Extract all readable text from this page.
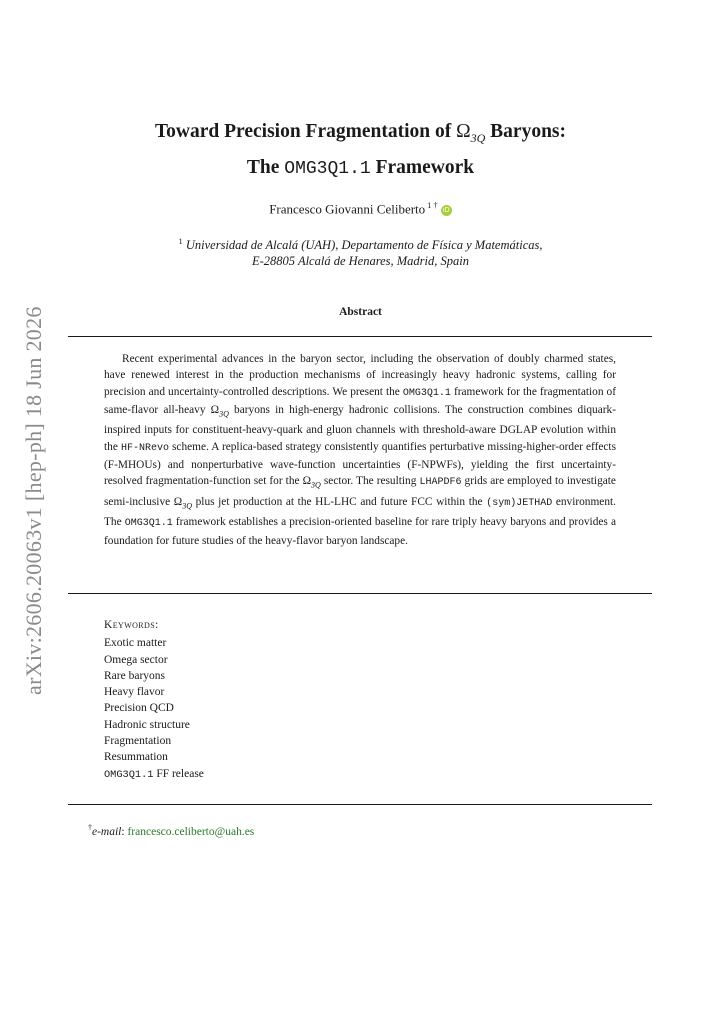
arXiv:2606.20063v1 [hep-ph] 18 Jun 2026
Toward Precision Fragmentation of $\Omega_{3Q}$ Baryons:
The OMG3Q1.1 Framework
Francesco Giovanni Celiberto $^{1 \dagger}$iD
$^1$ Universidad de Alcalá (UAH), Departamento de Física y Matemáticas,
E-28805 Alcalá de Henares, Madrid, Spain
Abstract

Recent experimental advances in the baryon sector, including the observation of doubly charmed states, have renewed interest in the production mechanisms of increasingly heavy hadronic systems, calling for precision and uncertainty-controlled descriptions. We present the OMG3Q1.1 framework for the fragmentation of same-flavor all-heavy $\Omega_{3Q}$ baryons in high-energy hadronic collisions. The construction combines diquark-inspired inputs for constituent-heavy-quark and gluon channels with threshold-aware DGLAP evolution within the HF-NRevo scheme. A replica-based strategy consistently quantifies perturbative missing-higher-order effects (F-MHOUs) and nonperturbative wave-function uncertainties (F-NPWFs), yielding the first uncertainty-resolved fragmentation-function set for the $\Omega_{3Q}$ sector. The resulting LHAPDF6 grids are employed to investigate semi-inclusive $\Omega_{3Q}$ plus jet production at the HL-LHC and future FCC within the (sym)JETHAD environment. The OMG3Q1.1 framework establishes a precision-oriented baseline for rare triply heavy baryons and provides a foundation for future studies of the heavy-flavor baryon landscape.

Keywords:
Exotic matter
Omega sector
Rare baryons
Heavy flavor
Precision QCD
Hadronic structure
Fragmentation
Resummation
OMG3Q1.1 FF release
†e-mail: francesco.celiberto@uah.es
